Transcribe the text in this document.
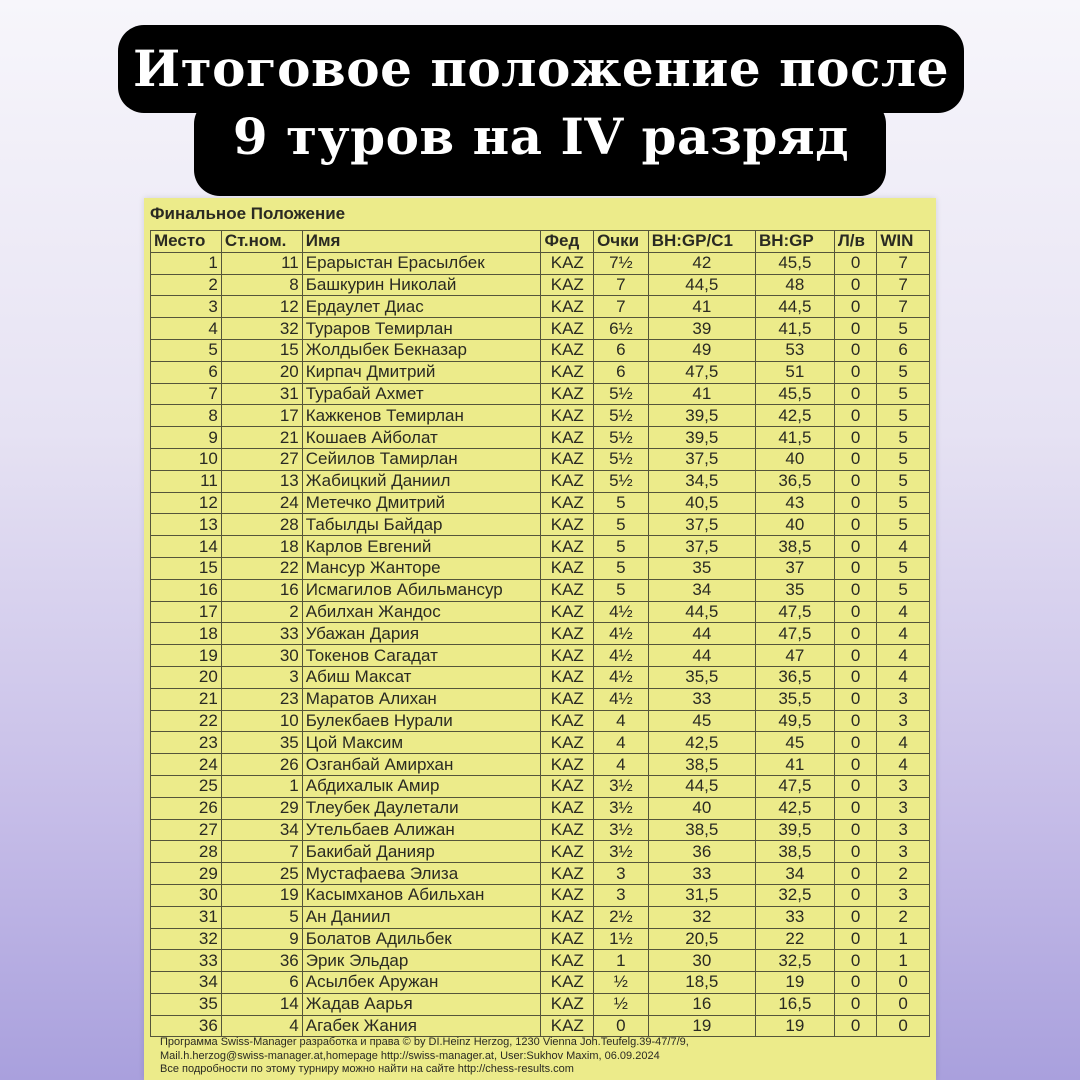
Итоговое положение после
9 туров на IV разряд
Финальное Положение
Место	Ст.ном.	Имя	Фед	Очки	BH:GP/C1	BH:GP	Л/в	WIN
1	11	Ерарыстан Ерасылбек	KAZ	7½	42	45,5	0	7
2	8	Башкурин Николай	KAZ	7	44,5	48	0	7
3	12	Ердаулет Диас	KAZ	7	41	44,5	0	7
4	32	Тураров Темирлан	KAZ	6½	39	41,5	0	5
5	15	Жолдыбек Бекназар	KAZ	6	49	53	0	6
6	20	Кирпач Дмитрий	KAZ	6	47,5	51	0	5
7	31	Турабай Ахмет	KAZ	5½	41	45,5	0	5
8	17	Кажкенов Темирлан	KAZ	5½	39,5	42,5	0	5
9	21	Кошаев Айболат	KAZ	5½	39,5	41,5	0	5
10	27	Сейилов Тамирлан	KAZ	5½	37,5	40	0	5
11	13	Жабицкий Даниил	KAZ	5½	34,5	36,5	0	5
12	24	Метечко Дмитрий	KAZ	5	40,5	43	0	5
13	28	Табылды Байдар	KAZ	5	37,5	40	0	5
14	18	Карлов Евгений	KAZ	5	37,5	38,5	0	4
15	22	Мансур Жанторе	KAZ	5	35	37	0	5
16	16	Исмагилов Абильмансур	KAZ	5	34	35	0	5
17	2	Абилхан Жандос	KAZ	4½	44,5	47,5	0	4
18	33	Убажан Дария	KAZ	4½	44	47,5	0	4
19	30	Токенов Сагадат	KAZ	4½	44	47	0	4
20	3	Абиш Максат	KAZ	4½	35,5	36,5	0	4
21	23	Маратов Алихан	KAZ	4½	33	35,5	0	3
22	10	Булекбаев Нурали	KAZ	4	45	49,5	0	3
23	35	Цой Максим	KAZ	4	42,5	45	0	4
24	26	Озганбай Амирхан	KAZ	4	38,5	41	0	4
25	1	Абдихалык Амир	KAZ	3½	44,5	47,5	0	3
26	29	Тлеубек Даулетали	KAZ	3½	40	42,5	0	3
27	34	Утельбаев Алижан	KAZ	3½	38,5	39,5	0	3
28	7	Бакибай Данияр	KAZ	3½	36	38,5	0	3
29	25	Мустафаева Элиза	KAZ	3	33	34	0	2
30	19	Касымханов Абильхан	KAZ	3	31,5	32,5	0	3
31	5	Ан Даниил	KAZ	2½	32	33	0	2
32	9	Болатов Адильбек	KAZ	1½	20,5	22	0	1
33	36	Эрик Эльдар	KAZ	1	30	32,5	0	1
34	6	Асылбек Аружан	KAZ	½	18,5	19	0	0
35	14	Жадав Аарья	KAZ	½	16	16,5	0	0
36	4	Агабек Жания	KAZ	0	19	19	0	0
Программа Swiss-Manager разработка и права © by DI.Heinz Herzog, 1230 Vienna Joh.Teufelg.39-47/7/9,
Mail.h.herzog@swiss-manager.at,homepage http://swiss-manager.at, User:Sukhov Maxim, 06.09.2024
Все подробности по этому турниру можно найти на сайте http://chess-results.com
